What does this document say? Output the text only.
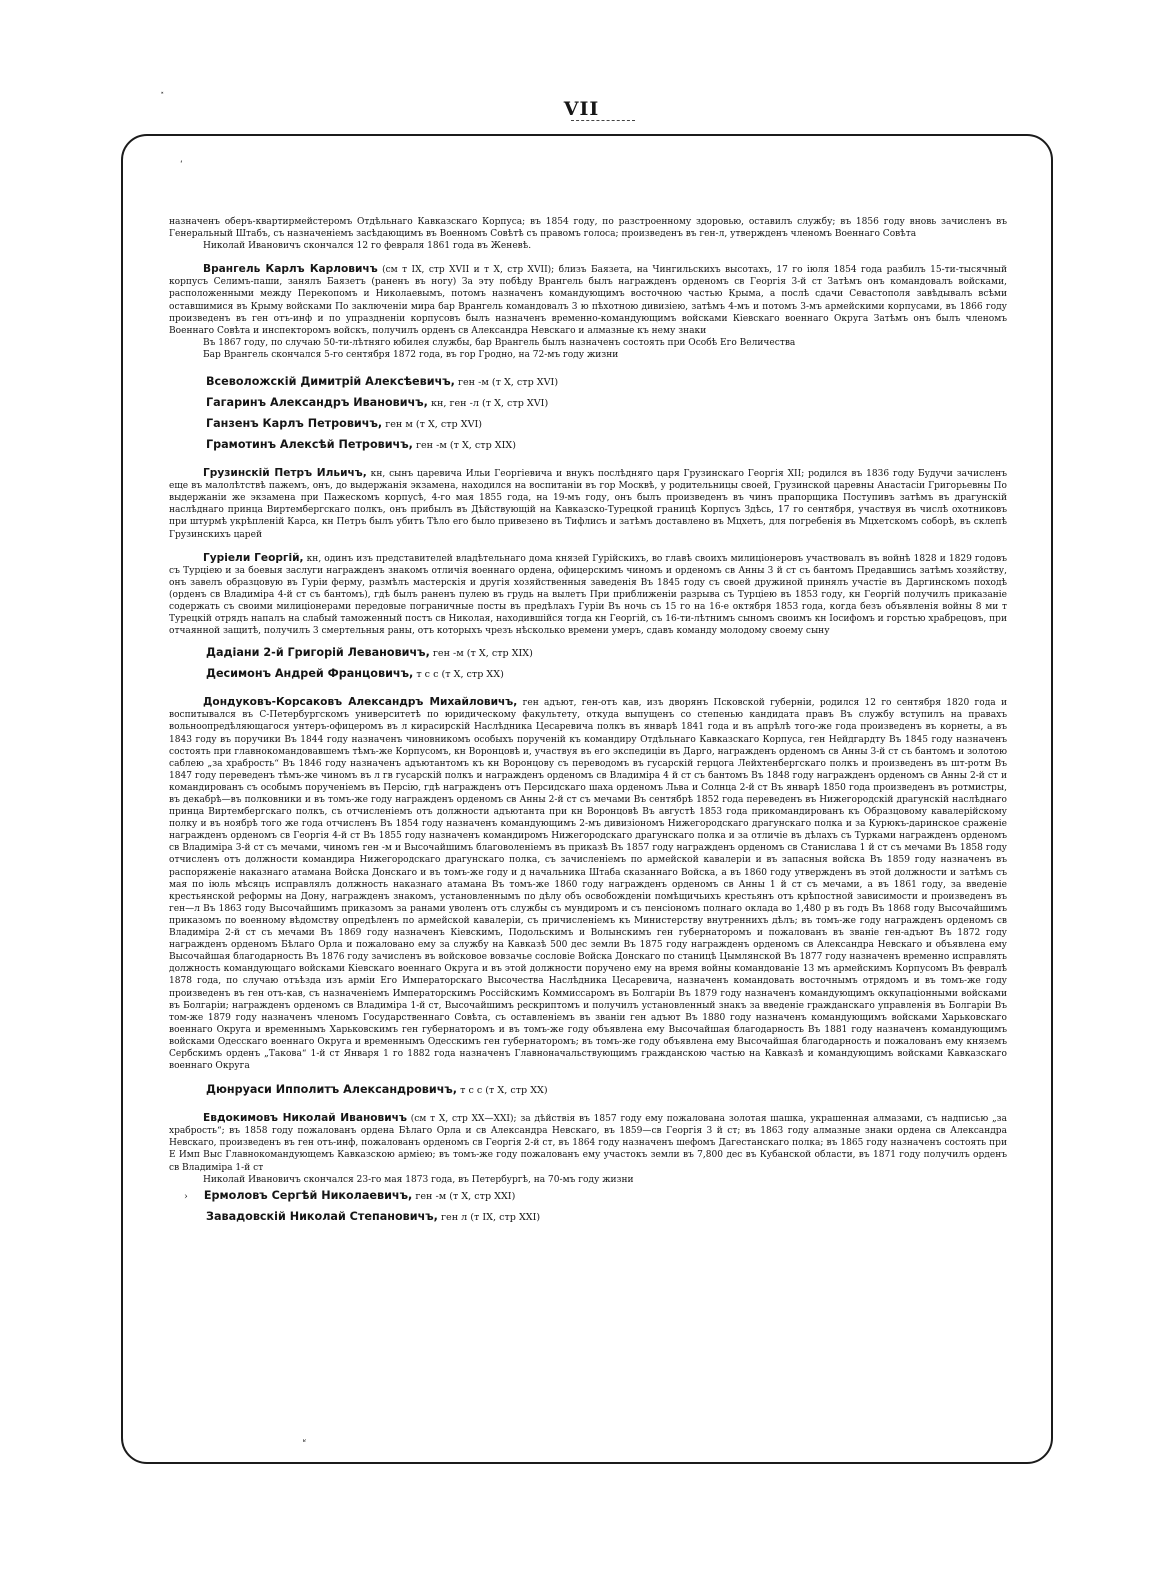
VII
˟
ʻ

назначенъ оберъ-квартирмейстеромъ Отдѣльнаго Кавказскаго Корпуса; въ 1854 году, по разстроенному здоровью, оставилъ службу; въ 1856 году вновь зачисленъ въ Генеральный Штабъ, съ назначеніемъ засѣдающимъ въ Военномъ Совѣтѣ съ правомъ голоса; произведенъ въ ген-л, утвержденъ членомъ Военнаго Совѣта

Николай Ивановичъ скончался 12 го февраля 1861 года въ Женевѣ.

Врангель Карлъ Карловичъ (см т IX, стр XVII и т X, стр XVII); близъ Баязета, на Чингильскихъ высотахъ, 17 го іюля 1854 года разбилъ 15-ти-тысячный корпусъ Селимъ-паши, занялъ Баязетъ (раненъ въ ногу) За эту побѣду Врангель былъ награжденъ орденомъ св Георгія 3-й ст Затѣмъ онъ командовалъ войсками, расположенными между Перекопомъ и Николаевымъ, потомъ назначенъ командующимъ восточною частью Крыма, а послѣ сдачи Севастополя завѣдывалъ всѣми оставшимися въ Крыму войсками По заключеніи мира бар Врангель командовалъ 3 ю пѣхотною дивизіею, затѣмъ 4-мъ и потомъ 3-мъ армейскими корпусами, въ 1866 году произведенъ въ ген отъ-инф и по упраздненіи корпусовъ былъ назначенъ временно-командующимъ войсками Кіевскаго военнаго Округа Затѣмъ онъ былъ членомъ Военнаго Совѣта и инспекторомъ войскъ, получилъ орденъ св Александра Невскаго и алмазные къ нему знаки

Въ 1867 году, по случаю 50-ти-лѣтняго юбилея службы, бар Врангель былъ назначенъ состоять при Особѣ Его Величества

Бар Врангель скончался 5-го сентября 1872 года, въ гор Гродно, на 72-мъ году жизни

Всеволожскій Димитрій Алексѣевичъ, ген -м (т X, стр XVI)

Гагаринъ Александръ Ивановичъ, кн, ген -л (т X, стр XVI)

Ганзенъ Карлъ Петровичъ, ген м (т X, стр XVI)

Грамотинъ Алексѣй Петровичъ, ген -м (т X, стр XIX)

Грузинскій Петръ Ильичъ, кн, сынъ царевича Ильи Георгіевича и внукъ послѣдняго царя Грузинскаго Георгія XII; родился въ 1836 году Будучи зачисленъ еще въ малолѣтствѣ пажемъ, онъ, до выдержанія экзамена, находился на воспитаніи въ гор Москвѣ, у родительницы своей, Грузинской царевны Анастасіи Григорьевны По выдержаніи же экзамена при Пажескомъ корпусѣ, 4-го мая 1855 года, на 19-мъ году, онъ былъ произведенъ въ чинъ прапорщика Поступивъ затѣмъ въ драгунскій наслѣднаго принца Виртембергскаго полкъ, онъ прибылъ въ Дѣйствующій на Кавказско-Турецкой границѣ Корпусъ Здѣсь, 17 го сентября, участвуя въ числѣ охотниковъ при штурмѣ укрѣпленій Карса, кн Петръ былъ убитъ Тѣло его было привезено въ Тифлисъ и затѣмъ доставлено въ Мцхетъ, для погребенія въ Мцхетскомъ соборѣ, въ склепѣ Грузинскихъ царей

Гуріели Георгій, кн, одинъ изъ представителей владѣтельнаго дома князей Гурійскихъ, во главѣ своихъ милиціонеровъ участвовалъ въ войнѣ 1828 и 1829 годовъ съ Турціею и за боевыя заслуги награжденъ знакомъ отличія военнаго ордена, офицерскимъ чиномъ и орденомъ св Анны 3 й ст съ бантомъ Предавшись затѣмъ хозяйству, онъ завелъ образцовую въ Гуріи ферму, размѣлъ мастерскія и другія хозяйственныя заведенія Въ 1845 году съ своей дружиной принялъ участіе въ Даргинскомъ походѣ (орденъ св Владиміра 4-й ст съ бантомъ), гдѣ былъ раненъ пулею въ грудь на вылетъ При приближеніи разрыва съ Турціею въ 1853 году, кн Георгій получилъ приказаніе содержать съ своими милиціонерами передовые пограничные посты въ предѣлахъ Гуріи Въ ночь съ 15 го на 16-е октября 1853 года, когда безъ объявленія войны 8 ми т Турецкій отрядъ напалъ на слабый таможенный постъ св Николая, находившійся тогда кн Георгій, съ 16-ти-лѣтнимъ сыномъ своимъ кн Іосифомъ и горстью храбрецовъ, при отчаянной защитѣ, получилъ 3 смертельныя раны, отъ которыхъ чрезъ нѣсколько времени умеръ, сдавъ команду молодому своему сыну

Дадіани 2-й Григорій Левановичъ, ген -м (т X, стр XIX)

Десимонъ Андрей Францовичъ, т с с (т X, стр XX)

Дондуковъ-Корсаковъ Александръ Михайловичъ, ген адъют, ген-отъ кав, изъ дворянъ Псковской губерніи, родился 12 го сентября 1820 года и воспитывался въ С-Петербургскомъ университетѣ по юридическому факультету, откуда выпущенъ со степенью кандидата правъ Въ службу вступилъ на правахъ вольноопредѣляющагося унтеръ-офицеромъ въ л кирасирскій Наслѣдника Цесаревича полкъ въ январѣ 1841 года и въ апрѣлѣ того-же года произведенъ въ корнеты, а въ 1843 году въ поручики Въ 1844 году назначенъ чиновникомъ особыхъ порученій къ командиру Отдѣльнаго Кавказскаго Корпуса, ген Нейдгардту Въ 1845 году назначенъ состоять при главнокомандовавшемъ тѣмъ-же Корпусомъ, кн Воронцовѣ и, участвуя въ его экспедиціи въ Дарго, награжденъ орденомъ св Анны 3-й ст съ бантомъ и золотою саблею „за храбрость“ Въ 1846 году назначенъ адъютантомъ къ кн Воронцову съ переводомъ въ гусарскій герцога Лейхтенбергскаго полкъ и произведенъ въ шт-ротм Въ 1847 году переведенъ тѣмъ-же чиномъ въ л гв гусарскій полкъ и награжденъ орденомъ св Владиміра 4 й ст съ бантомъ Въ 1848 году награжденъ орденомъ св Анны 2-й ст и командированъ съ особымъ порученіемъ въ Персію, гдѣ награжденъ отъ Персидскаго шаха орденомъ Льва и Солнца 2-й ст Въ январѣ 1850 года произведенъ въ ротмистры, въ декабрѣ—въ полковники и въ томъ-же году награжденъ орденомъ св Анны 2-й ст съ мечами Въ сентябрѣ 1852 года переведенъ въ Нижегородскій драгунскій наслѣднаго принца Виртембергскаго полкъ, съ отчисленіемъ отъ должности адъютанта при кн Воронцовѣ Въ августѣ 1853 года прикомандированъ къ Образцовому кавалерійскому полку и въ ноябрѣ того же года отчисленъ Въ 1854 году назначенъ командующимъ 2-мъ дивизіономъ Нижегородскаго драгунскаго полка и за Курюкъ-даринское сраженіе награжденъ орденомъ св Георгія 4-й ст Въ 1855 году назначенъ командиромъ Нижегородскаго драгунскаго полка и за отличіе въ дѣлахъ съ Турками награжденъ орденомъ св Владиміра 3-й ст съ мечами, чиномъ ген -м и Высочайшимъ благоволеніемъ въ приказѣ Въ 1857 году награжденъ орденомъ св Станислава 1 й ст съ мечами Въ 1858 году отчисленъ отъ должности командира Нижегородскаго драгунскаго полка, съ зачисленіемъ по армейской кавалеріи и въ запасныя войска Въ 1859 году назначенъ въ распоряженіе наказнаго атамана Войска Донскаго и въ томъ-же году и д начальника Штаба сказаннаго Войска, а въ 1860 году утвержденъ въ этой должности и затѣмъ съ мая по іюль мѣсяцъ исправлялъ должность наказнаго атамана Въ томъ-же 1860 году награжденъ орденомъ св Анны 1 й ст съ мечами, а въ 1861 году, за введеніе крестьянской реформы на Дону, награжденъ знакомъ, установленнымъ по дѣлу объ освобожденіи помѣщичьихъ крестьянъ отъ крѣпостной зависимости и произведенъ въ ген—л Въ 1863 году Высочайшимъ приказомъ за ранами уволенъ отъ службы съ мундиромъ и съ пенсіономъ полнаго оклада во 1,480 р въ годъ Въ 1868 году Высочайшимъ приказомъ по военному вѣдомству опредѣленъ по армейской кавалеріи, съ причисленіемъ къ Министерству внутреннихъ дѣлъ; въ томъ-же году награжденъ орденомъ св Владиміра 2-й ст съ мечами Въ 1869 году назначенъ Кіевскимъ, Подольскимъ и Волынскимъ ген губернаторомъ и пожалованъ въ званіе ген-адъют Въ 1872 году награжденъ орденомъ Бѣлаго Орла и пожаловано ему за службу на Кавказѣ 500 дес земли Въ 1875 году награжденъ орденомъ св Александра Невскаго и объявлена ему Высочайшая благодарность Въ 1876 году зачисленъ въ войсковое вовзачье сословіе Войска Донскаго по станицѣ Цымлянской Въ 1877 году назначенъ временно исправлять должность командующаго войсками Кіевскаго военнаго Округа и въ этой должности поручено ему на время войны командованіе 13 мъ армейскимъ Корпусомъ Въ февралѣ 1878 года, по случаю отъѣзда изъ арміи Его Императорскаго Высочества Наслѣдника Цесаревича, назначенъ командовать восточнымъ отрядомъ и въ томъ-же году произведенъ въ ген отъ-кав, съ назначеніемъ Императорскимъ Россійскимъ Коммиссаромъ въ Болгаріи Въ 1879 году назначенъ командующимъ оккупаціонными войсками въ Болгаріи; награжденъ орденомъ св Владиміра 1-й ст, Высочайшимъ рескриптомъ и получилъ установленный знакъ за введеніе гражданскаго управленія въ Болгаріи Въ том-же 1879 году назначенъ членомъ Государственнаго Совѣта, съ оставленіемъ въ званіи ген адъют Въ 1880 году назначенъ командующимъ войсками Харьковскаго военнаго Округа и временнымъ Харьковскимъ ген губернаторомъ и въ томъ-же году объявлена ему Высочайшая благодарность Въ 1881 году назначенъ командующимъ войсками Одесскаго военнаго Округа и временнымъ Одесскимъ ген губернаторомъ; въ томъ-же году объявлена ему Высочайшая благодарность и пожалованъ ему княземъ Сербскимъ орденъ „Такова“ 1-й ст Января 1 го 1882 года назначенъ Главноначальствующимъ гражданскою частью на Кавказѣ и командующимъ войсками Кавказскаго военнаго Округа

Дюнруаси Ипполитъ Александровичъ, т с с (т X, стр XX)

Евдокимовъ Николай Ивановичъ (см т X, стр XX—XXI); за дѣйствія въ 1857 году ему пожалована золотая шашка, украшенная алмазами, съ надписью „за храбрость“; въ 1858 году пожалованъ ордена Бѣлаго Орла и св Александра Невскаго, въ 1859—св Георгія 3 й ст; въ 1863 году алмазные знаки ордена св Александра Невскаго, произведенъ въ ген отъ-инф, пожалованъ орденомъ св Георгія 2-й ст, въ 1864 году назначенъ шефомъ Дагестанскаго полка; въ 1865 году назначенъ состоять при Е Имп Выс Главнокомандующемъ Кавказскою арміею; въ томъ-же году пожалованъ ему участокъ земли въ 7,800 дес въ Кубанской области, въ 1871 году получилъ орденъ св Владиміра 1-й ст

Николай Ивановичъ скончался 23-го мая 1873 года, въ Петербургѣ, на 70-мъ году жизни

› Ермоловъ Сергѣй Николаевичъ, ген -м (т X, стр XXI)

Завадовскій Николай Степановичъ, ген л (т IX, стр XXI)

ʶ
